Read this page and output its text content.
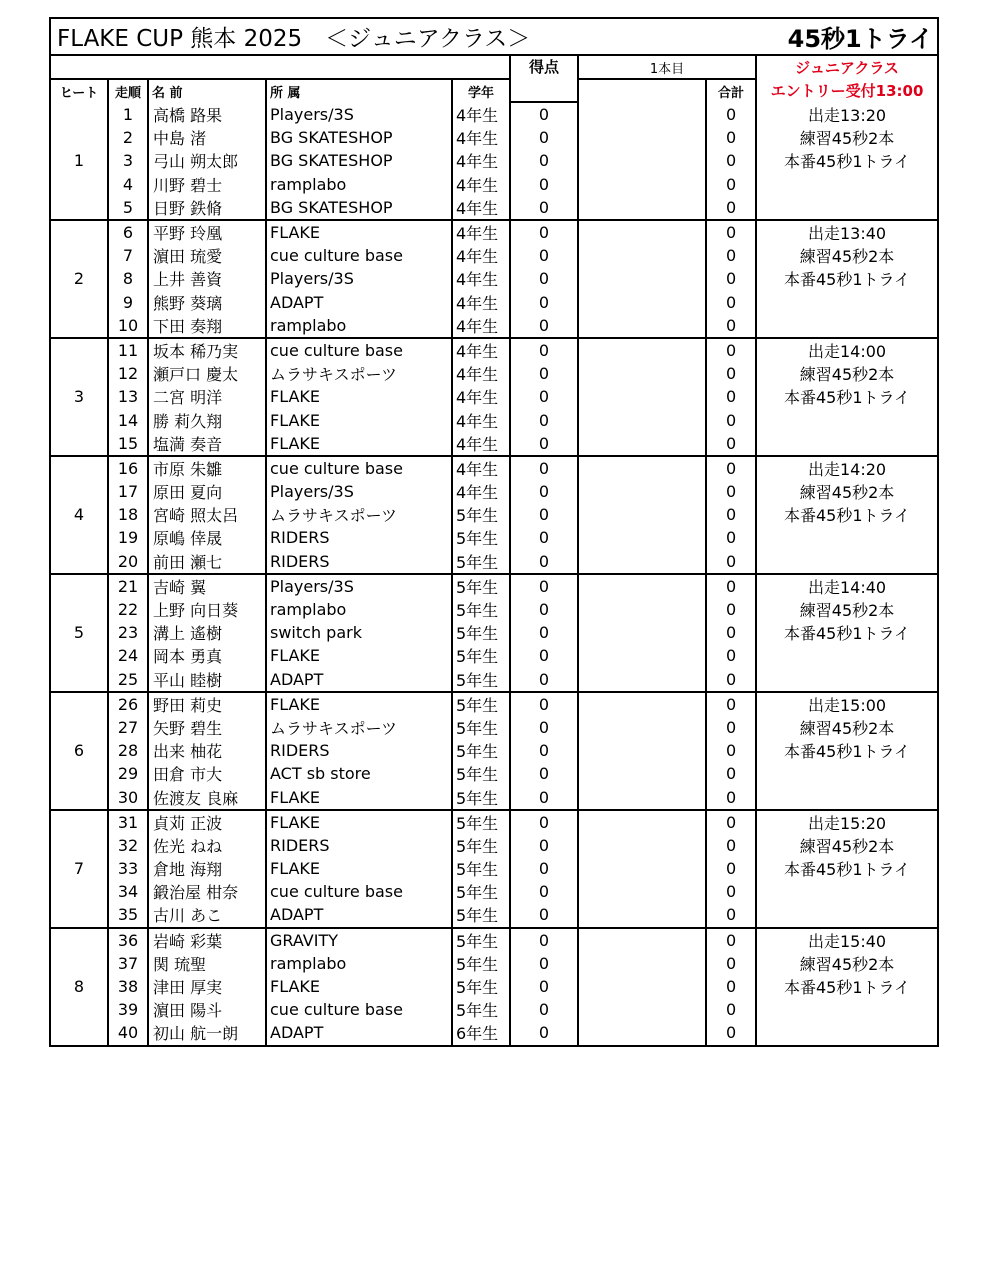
FLAKE CUP 熊本 2025　＜ジュニアクラス＞						45秒1トライ		
					得点	1本目		ジュニアクラス
ヒート	走順	名 前	所 属	学年			合計	エントリー受付13:00
1	1	高橋 路果	Players/3S	4年生	0		0	出走13:20
	2	中島 渚	BG SKATESHOP	4年生	0		0	練習45秒2本
	3	弓山 朔太郎	BG SKATESHOP	4年生	0		0	本番45秒1トライ
	4	川野 碧士	ramplabo	4年生	0		0	
	5	日野 鉄脩	BG SKATESHOP	4年生	0		0	
2	6	平野 玲凰	FLAKE	4年生	0		0	出走13:40
	7	濵田 琉愛	cue culture base	4年生	0		0	練習45秒2本
	8	上井 善資	Players/3S	4年生	0		0	本番45秒1トライ
	9	熊野 葵璃	ADAPT	4年生	0		0	
	10	下田 奏翔	ramplabo	4年生	0		0	
3	11	坂本 稀乃実	cue culture base	4年生	0		0	出走14:00
	12	瀬戸口 慶太	ムラサキスポーツ	4年生	0		0	練習45秒2本
	13	二宮 明洋	FLAKE	4年生	0		0	本番45秒1トライ
	14	勝 莉久翔	FLAKE	4年生	0		0	
	15	塩満 奏音	FLAKE	4年生	0		0	
4	16	市原 朱雛	cue culture base	4年生	0		0	出走14:20
	17	原田 夏向	Players/3S	4年生	0		0	練習45秒2本
	18	宮崎 照太呂	ムラサキスポーツ	5年生	0		0	本番45秒1トライ
	19	原嶋 倖晟	RIDERS	5年生	0		0	
	20	前田 瀬七	RIDERS	5年生	0		0	
5	21	吉崎 翼	Players/3S	5年生	0		0	出走14:40
	22	上野 向日葵	ramplabo	5年生	0		0	練習45秒2本
	23	溝上 遙樹	switch park	5年生	0		0	本番45秒1トライ
	24	岡本 勇真	FLAKE	5年生	0		0	
	25	平山 睦樹	ADAPT	5年生	0		0	
6	26	野田 莉史	FLAKE	5年生	0		0	出走15:00
	27	矢野 碧生	ムラサキスポーツ	5年生	0		0	練習45秒2本
	28	出来 柚花	RIDERS	5年生	0		0	本番45秒1トライ
	29	田倉 市大	ACT sb store	5年生	0		0	
	30	佐渡友 良麻	FLAKE	5年生	0		0	
7	31	貞苅 正波	FLAKE	5年生	0		0	出走15:20
	32	佐光 ねね	RIDERS	5年生	0		0	練習45秒2本
	33	倉地 海翔	FLAKE	5年生	0		0	本番45秒1トライ
	34	鍛治屋 柑奈	cue culture base	5年生	0		0	
	35	古川 あこ	ADAPT	5年生	0		0	
8	36	岩崎 彩葉	GRAVITY	5年生	0		0	出走15:40
	37	関 琉聖	ramplabo	5年生	0		0	練習45秒2本
	38	津田 厚実	FLAKE	5年生	0		0	本番45秒1トライ
	39	濵田 陽斗	cue culture base	5年生	0		0	
	40	初山 航一朗	ADAPT	6年生	0		0	
